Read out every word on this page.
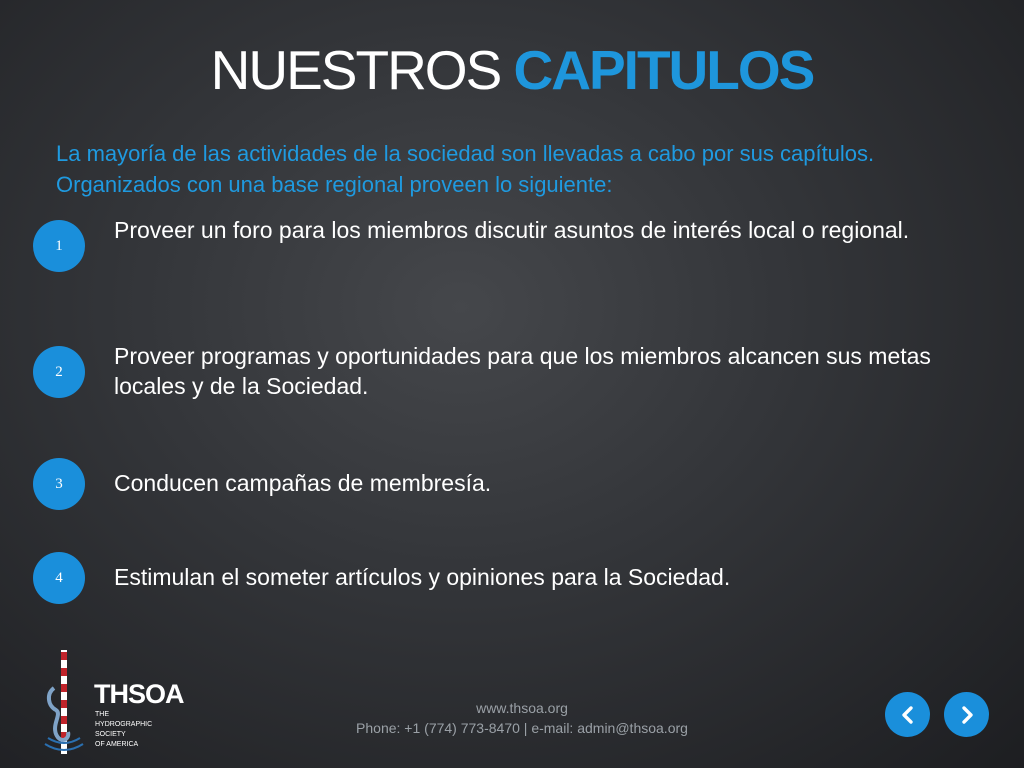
NUESTROS CAPITULOS
La mayoría de las actividades de la sociedad son llevadas a cabo por sus capítulos. Organizados con una base regional proveen lo siguiente:
1
Proveer un foro para los miembros discutir asuntos de interés local o regional.
2
Proveer programas y oportunidades para que los miembros alcancen sus metas locales y de la Sociedad.
3	Conducen campañas de membresía.
4	Estimulan el someter artículos y opiniones para la Sociedad.
THSOA
THE
HYDROGRAPHIC
SOCIETY
OF AMERICA
www.thsoa.org
Phone: +1 (774) 773-8470 | e-mail: admin@thsoa.org
